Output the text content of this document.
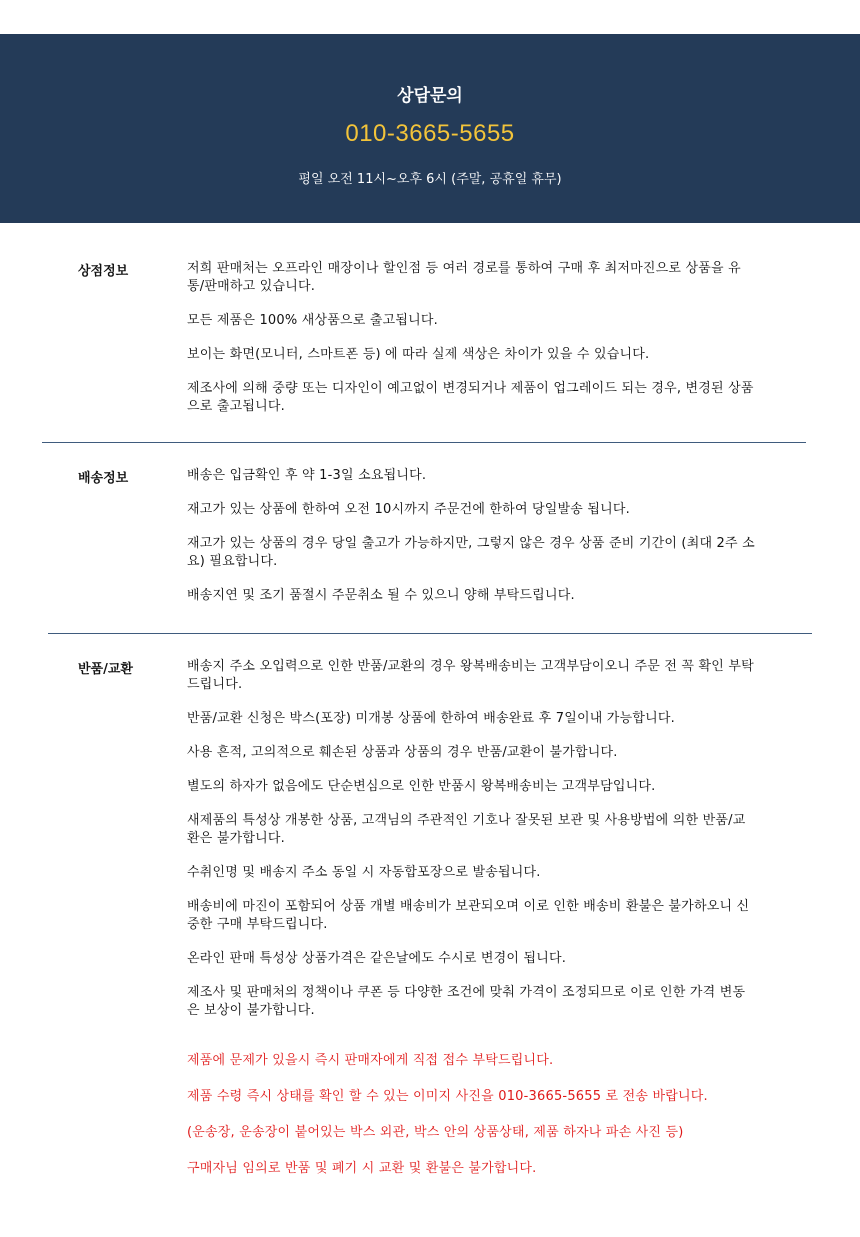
상담문의
010-3665-5655
평일 오전 11시~오후 6시 (주말, 공휴일 휴무)
상점정보	저희 판매처는 오프라인 매장이나 할인점 등 여러 경로를 통하여 구매 후 최저마진으로 상품을 유통/판매하고 있습니다.

모든 제품은 100% 새상품으로 출고됩니다.

보이는 화면(모니터, 스마트폰 등) 에 따라 실제 색상은 차이가 있을 수 있습니다.

제조사에 의해 중량 또는 디자인이 예고없이 변경되거나 제품이 업그레이드 되는 경우, 변경된 상품으로 출고됩니다.

배송정보	배송은 입금확인 후 약 1-3일 소요됩니다.

재고가 있는 상품에 한하여 오전 10시까지 주문건에 한하여 당일발송 됩니다.

재고가 있는 상품의 경우 당일 출고가 가능하지만, 그렇지 않은 경우 상품 준비 기간이 (최대 2주 소요) 필요합니다.

배송지연 및 조기 품절시 주문취소 될 수 있으니 양해 부탁드립니다.

반품/교환	배송지 주소 오입력으로 인한 반품/교환의 경우 왕복배송비는 고객부담이오니 주문 전 꼭 확인 부탁드립니다.

반품/교환 신청은 박스(포장) 미개봉 상품에 한하여 배송완료 후 7일이내 가능합니다.

사용 흔적, 고의적으로 훼손된 상품과 상품의 경우 반품/교환이 불가합니다.

별도의 하자가 없음에도 단순변심으로 인한 반품시 왕복배송비는 고객부담입니다.

새제품의 특성상 개봉한 상품, 고객님의 주관적인 기호나 잘못된 보관 및 사용방법에 의한 반품/교환은 불가합니다.

수취인명 및 배송지 주소 동일 시 자동합포장으로 발송됩니다.

배송비에 마진이 포함되어 상품 개별 배송비가 보관되오며 이로 인한 배송비 환불은 불가하오니 신중한 구매 부탁드립니다.

온라인 판매 특성상 상품가격은 같은날에도 수시로 변경이 됩니다.

제조사 및 판매처의 정책이나 쿠폰 등 다양한 조건에 맞춰 가격이 조정되므로 이로 인한 가격 변동은 보상이 불가합니다.

제품에 문제가 있을시 즉시 판매자에게 직접 접수 부탁드립니다.

제품 수령 즉시 상태를 확인 할 수 있는 이미지 사진을 010-3665-5655 로 전송 바랍니다.

(운송장, 운송장이 붙어있는 박스 외관, 박스 안의 상품상태, 제품 하자나 파손 사진 등)

구매자님 임의로 반품 및 폐기 시 교환 및 환불은 불가합니다.
